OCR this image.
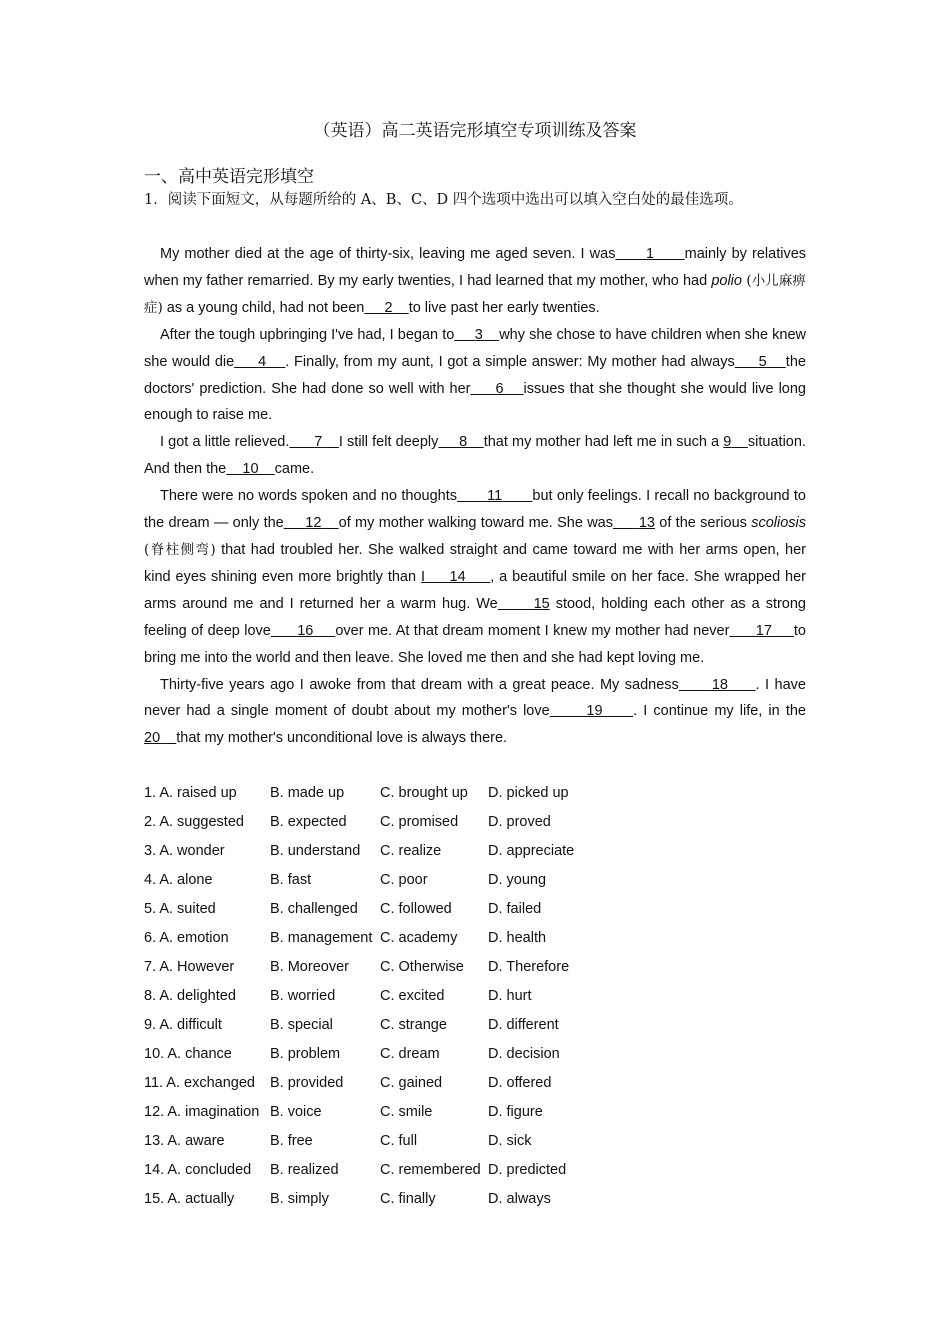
（英语）高二英语完形填空专项训练及答案
一、高中英语完形填空
1．阅读下面短文，从每题所给的 A、B、C、D 四个选项中选出可以填入空白处的最佳选项。

My mother died at the age of thirty-six, leaving me aged seven. I was 1 mainly by relatives when my father remarried. By my early twenties, I had learned that my mother, who had polio (小儿麻痹症) as a young child, had not been 2 to live past her early twenties.

After the tough upbringing I've had, I began to 3 why she chose to have children when she knew she would die 4 . Finally, from my aunt, I got a simple answer: My mother had always 5 the doctors' prediction. She had done so well with her 6 issues that she thought she would live long enough to raise me.

I got a little relieved. 7 I still felt deeply 8 that my mother had left me in such a 9 situation. And then the 10 came.

There were no words spoken and no thoughts 11 but only feelings. I recall no background to the dream — only the 12 of my mother walking toward me. She was 13 of the serious scoliosis (脊柱侧弯) that had troubled her. She walked straight and came toward me with her arms open, her kind eyes shining even more brightly than I 14 , a beautiful smile on her face. She wrapped her arms around me and I returned her a warm hug. We 15 stood, holding each other as a strong feeling of deep love 16 over me. At that dream moment I knew my mother had never 17 to bring me into the world and then leave. She loved me then and she had kept loving me.

Thirty-five years ago I awoke from that dream with a great peace. My sadness 18 . I have never had a single moment of doubt about my mother's love	19 . I continue my life, in the 20 that my mother's unconditional love is always there.

1. A. raised up	B. made up	C. brought up	D. picked up
2. A. suggested	B. expected	C. promised	D. proved
3. A. wonder	B. understand	C. realize	D. appreciate
4. A. alone	B. fast	C. poor	D. young
5. A. suited	B. challenged	C. followed	D. failed
6. A. emotion	B. management C. academy	D. health
7. A. However	B. Moreover	C. Otherwise	D. Therefore
8. A. delighted	B. worried	C. excited	D. hurt
9. A. difficult	B. special	C. strange	D. different
10. A. chance	B. problem	C. dream	D. decision
11. A. exchanged	B. provided	C. gained	D. offered
12. A. imagination B. voice	C. smile	D. figure
13. A. aware	B. free	C. full	D. sick
14. A. concluded	B. realized	C. remembered D. predicted
15. A. actually	B. simply	C. finally	D. always
